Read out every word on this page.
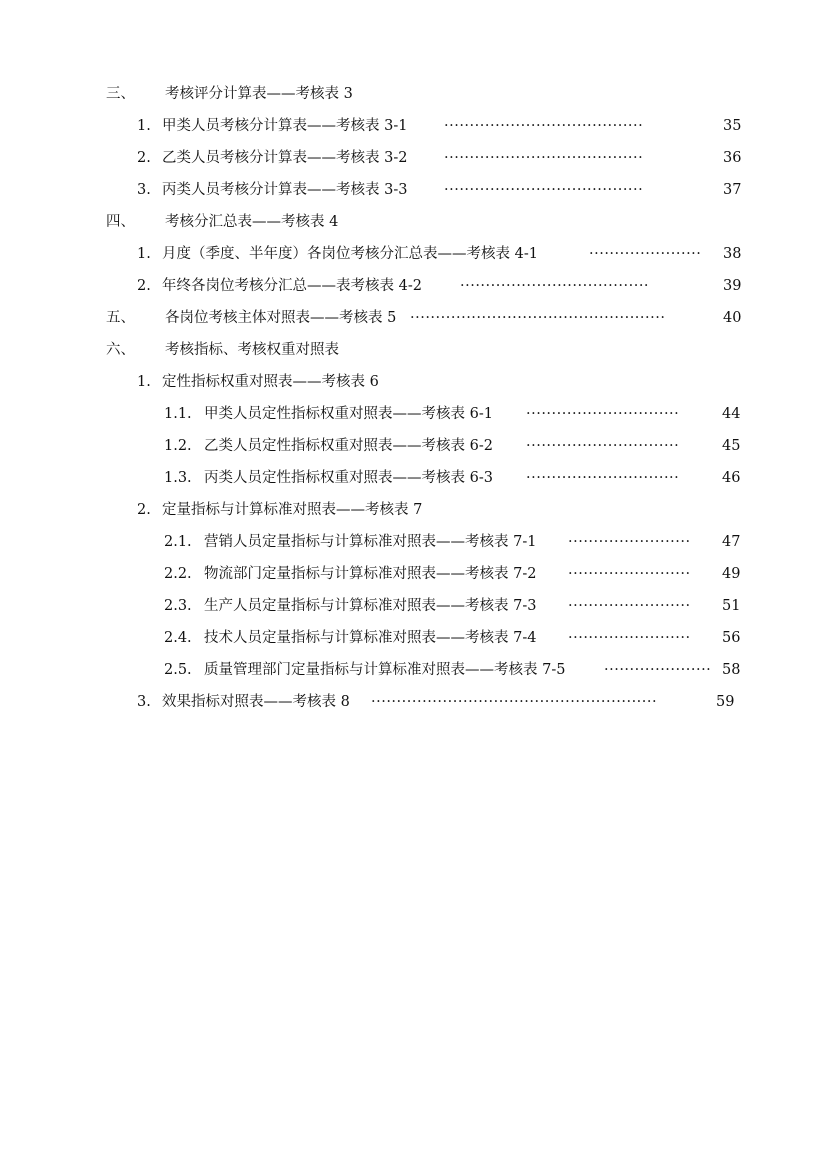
三、 考核评分计算表——考核表 3
1. 甲类人员考核分计算表——考核表 3-1	·······································	35
2. 乙类人员考核分计算表——考核表 3-2	·······································	36
3. 丙类人员考核分计算表——考核表 3-3	·······································	37
四、 考核分汇总表——考核表 4
1. 月度（季度、半年度）各岗位考核分汇总表——考核表 4-1	······················	38
2. 年终各岗位考核分汇总——表考核表 4-2	·····································	39
五、 各岗位考核主体对照表——考核表 5 ··················································	40
六、 考核指标、考核权重对照表
1. 定性指标权重对照表——考核表 6
1.1. 甲类人员定性指标权重对照表——考核表 6-1 ······························	44
1.2. 乙类人员定性指标权重对照表——考核表 6-2 ······························	45
1.3. 丙类人员定性指标权重对照表——考核表 6-3 ······························	46
2. 定量指标与计算标准对照表——考核表 7
2.1. 营销人员定量指标与计算标准对照表——考核表 7-1 ························	47
2.2. 物流部门定量指标与计算标准对照表——考核表 7-2 ························	49
2.3. 生产人员定量指标与计算标准对照表——考核表 7-3 ························	51
2.4. 技术人员定量指标与计算标准对照表——考核表 7-4 ························	56
2.5. 质量管理部门定量指标与计算标准对照表——考核表 7-5	····················· 58
3. 效果指标对照表——考核表 8 ························································	59
